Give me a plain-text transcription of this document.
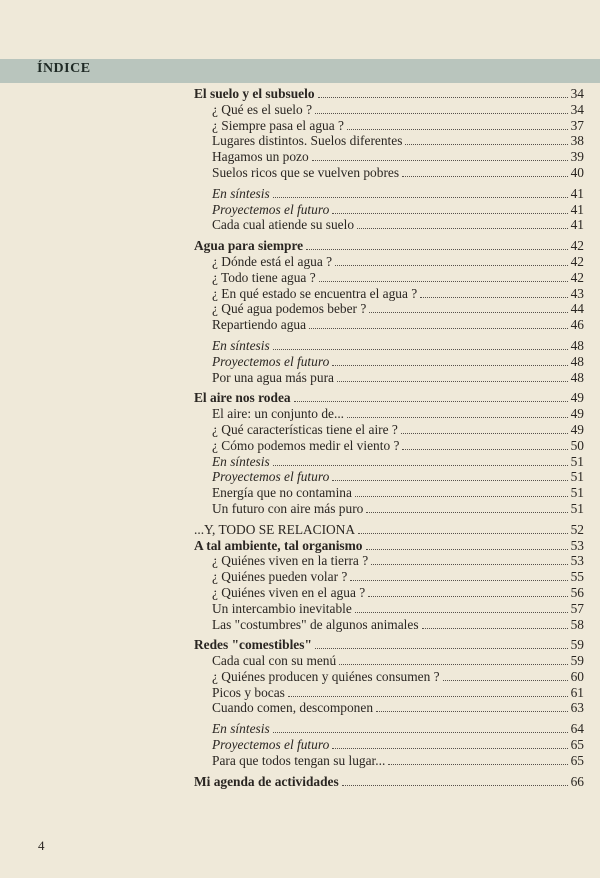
ÍNDICE
El suelo y el subsuelo	34
¿ Qué es el suelo ?	34
¿ Siempre pasa el agua ?	37
Lugares distintos. Suelos diferentes	38
Hagamos un pozo	39
Suelos ricos que se vuelven pobres	40
En síntesis	41
Proyectemos el futuro	41
Cada cual atiende su suelo	41
Agua para siempre	42
¿ Dónde está el agua ?	42
¿ Todo tiene agua ?	42
¿ En qué estado se encuentra el agua ?	43
¿ Qué agua podemos beber ?	44
Repartiendo agua	46
En síntesis	48
Proyectemos el futuro	48
Por una agua más pura	48
El aire nos rodea	49
El aire: un conjunto de...	49
¿ Qué características tiene el aire ?	49
¿ Cómo podemos medir el viento ?	50
En síntesis	51
Proyectemos el futuro	51
Energía que no contamina	51
Un futuro con aire más puro	51
...Y, TODO SE RELACIONA	52
A tal ambiente, tal organismo	53
¿ Quiénes viven en la tierra ?	53
¿ Quiénes pueden volar ?	55
¿ Quiénes viven en el agua ?	56
Un intercambio inevitable	57
Las "costumbres" de algunos animales	58
Redes "comestibles"	59
Cada cual con su menú	59
¿ Quiénes producen y quiénes consumen ?	60
Picos y bocas	61
Cuando comen, descomponen	63
En síntesis	64
Proyectemos el futuro	65
Para que todos tengan su lugar...	65
Mi agenda de actividades	66
4
